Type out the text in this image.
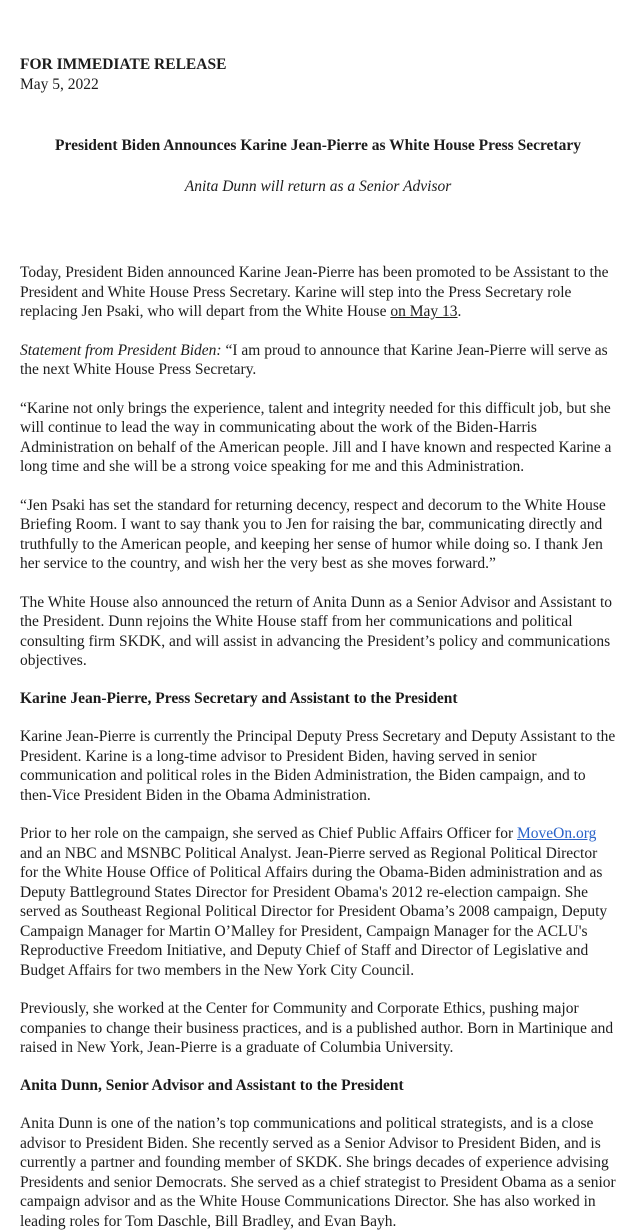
FOR IMMEDIATE RELEASE

May 5, 2022

President Biden Announces Karine Jean-Pierre as White House Press Secretary

Anita Dunn will return as a Senior Advisor

Today, President Biden announced Karine Jean-Pierre has been promoted to be Assistant to the President and White House Press Secretary. Karine will step into the Press Secretary role replacing Jen Psaki, who will depart from the White House on May 13.

Statement from President Biden: “I am proud to announce that Karine Jean-Pierre will serve as the next White House Press Secretary.

“Karine not only brings the experience, talent and integrity needed for this difficult job, but she will continue to lead the way in communicating about the work of the Biden-Harris Administration on behalf of the American people. Jill and I have known and respected Karine a long time and she will be a strong voice speaking for me and this Administration.

“Jen Psaki has set the standard for returning decency, respect and decorum to the White House Briefing Room. I want to say thank you to Jen for raising the bar, communicating directly and truthfully to the American people, and keeping her sense of humor while doing so. I thank Jen her service to the country, and wish her the very best as she moves forward.”

The White House also announced the return of Anita Dunn as a Senior Advisor and Assistant to the President. Dunn rejoins the White House staff from her communications and political consulting firm SKDK, and will assist in advancing the President’s policy and communications objectives.

Karine Jean-Pierre, Press Secretary and Assistant to the President

Karine Jean-Pierre is currently the Principal Deputy Press Secretary and Deputy Assistant to the President. Karine is a long-time advisor to President Biden, having served in senior communication and political roles in the Biden Administration, the Biden campaign, and to then-Vice President Biden in the Obama Administration.

Prior to her role on the campaign, she served as Chief Public Affairs Officer for MoveOn.org and an NBC and MSNBC Political Analyst. Jean-Pierre served as Regional Political Director for the White House Office of Political Affairs during the Obama-Biden administration and as Deputy Battleground States Director for President Obama's 2012 re-election campaign. She served as Southeast Regional Political Director for President Obama’s 2008 campaign, Deputy Campaign Manager for Martin O’Malley for President, Campaign Manager for the ACLU's Reproductive Freedom Initiative, and Deputy Chief of Staff and Director of Legislative and Budget Affairs for two members in the New York City Council.

Previously, she worked at the Center for Community and Corporate Ethics, pushing major companies to change their business practices, and is a published author. Born in Martinique and raised in New York, Jean-Pierre is a graduate of Columbia University.

Anita Dunn, Senior Advisor and Assistant to the President

Anita Dunn is one of the nation’s top communications and political strategists, and is a close advisor to President Biden. She recently served as a Senior Advisor to President Biden, and is currently a partner and founding member of SKDK. She brings decades of experience advising Presidents and senior Democrats. She served as a chief strategist to President Obama as a senior campaign advisor and as the White House Communications Director. She has also worked in leading roles for Tom Daschle, Bill Bradley, and Evan Bayh.
